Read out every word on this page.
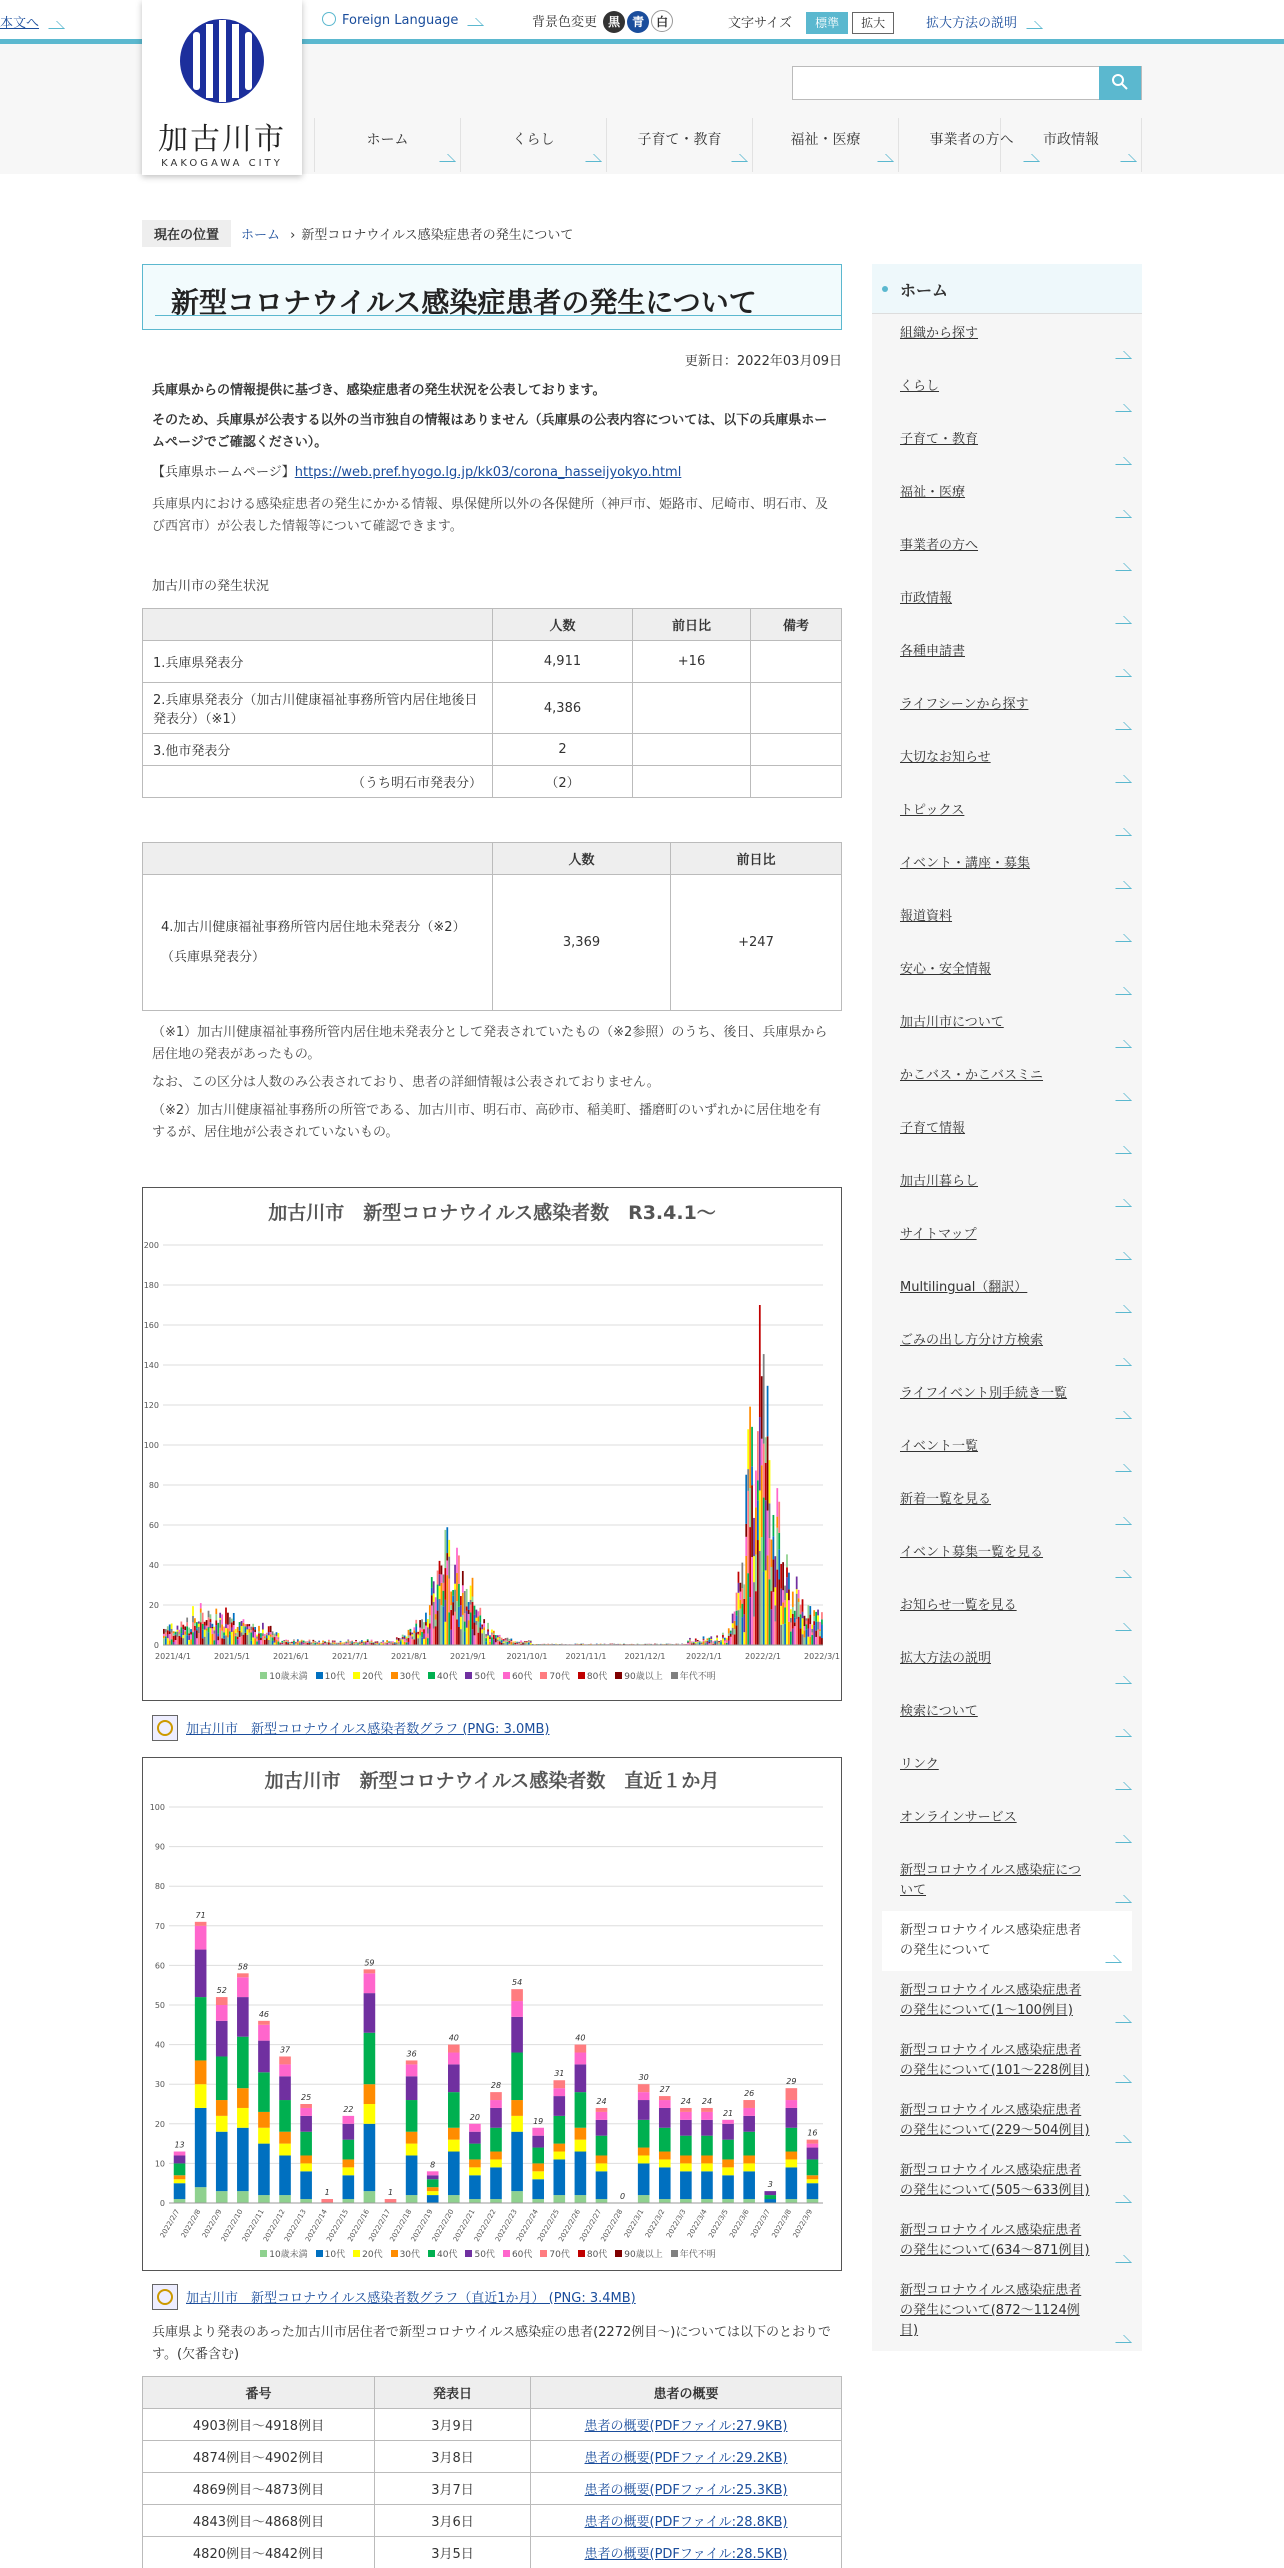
本文へ
加古川市
KAKOGAWA CITY
Foreign Language	背景色変更 黒 青 白	文字サイズ 標準 拡大	拡大方法の説明
ホーム	くらし	子育て・教育	福祉・医療	事業者の方へ	市政情報
現在の位置 ホーム › 新型コロナウイルス感染症患者の発生について
新型コロナウイルス感染症患者の発生について
更新日：2022年03月09日
兵庫県からの情報提供に基づき、感染症患者の発生状況を公表しております。
そのため、兵庫県が公表する以外の当市独自の情報はありません（兵庫県の公表内容については、以下の兵庫県ホームページでご確認ください）。
【兵庫県ホームページ】https://web.pref.hyogo.lg.jp/kk03/corona_hasseijyokyo.html
兵庫県内における感染症患者の発生にかかる情報、県保健所以外の各保健所（神戸市、姫路市、尼崎市、明石市、及び西宮市）が公表した情報等について確認できます。
加古川市の発生状況
	人数	前日比	備考
1.兵庫県発表分	4,911	+16	
2.兵庫県発表分（加古川健康福祉事務所管内居住地後日発表分）（※1）	4,386		
3.他市発表分	2		
（うち明石市発表分）	（2）		
	人数	前日比

4.加古川健康福祉事務所管内居住地未発表分（※2）
（兵庫県発表分）	3,369	+247
（※1）加古川健康福祉事務所管内居住地未発表分として発表されていたもの（※2参照）のうち、後日、兵庫県から居住地の発表があったもの。
なお、この区分は人数のみ公表されており、患者の詳細情報は公表されておりません。
（※2）加古川健康福祉事務所の所管である、加古川市、明石市、高砂市、稲美町、播磨町のいずれかに居住地を有するが、居住地が公表されていないもの。
加古川市　新型コロナウイルス感染者数　R3.4.1～
0
20
40
60
80
100
120
140
160
180
200
2021/4/1	2021/5/1	2021/6/1	2021/7/1	2021/8/1	2021/9/1	2021/10/1 2021/11/1 2021/12/1	2022/1/1	2022/2/1	2022/3/1
10歳未満 10代 20代 30代 40代 50代 60代 70代 80代 90歳以上 年代不明
加古川市　新型コロナウイルス感染者数グラフ (PNG: 3.0MB)
加古川市　新型コロナウイルス感染者数　直近１か月
0
10
20
30
40
50
60
70
80
90
100
13
2022/2/7
71
2022/2/8
52
2022/2/9
58
2022/2/10
46
2022/2/11
37
2022/2/12
25
2022/2/13
1
2022/2/14
22
2022/2/15
59
2022/2/16
1
2022/2/17
36
2022/2/18
8
2022/2/19
40
2022/2/20
20
2022/2/21
28
2022/2/22
54
2022/2/23
19
2022/2/24
31
2022/2/25
40
2022/2/26
24
2022/2/27
0
2022/2/28
30
2022/3/1
27
2022/3/2
24
2022/3/3
24
2022/3/4
21
2022/3/5
26
2022/3/6
3
2022/3/7
29
2022/3/8
16
2022/3/9
10歳未満 10代 20代 30代 40代 50代 60代 70代 80代 90歳以上 年代不明
加古川市　新型コロナウイルス感染者数グラフ（直近1か月） (PNG: 3.4MB)
兵庫県より発表のあった加古川市居住者で新型コロナウイルス感染症の患者(2272例目～)については以下のとおりです。(欠番含む)
番号	発表日	患者の概要
4903例目～4918例目	3月9日	患者の概要(PDFファイル:27.9KB)
4874例目～4902例目	3月8日	患者の概要(PDFファイル:29.2KB)
4869例目～4873例目	3月7日	患者の概要(PDFファイル:25.3KB)
4843例目～4868例目	3月6日	患者の概要(PDFファイル:28.8KB)
4820例目～4842例目	3月5日	患者の概要(PDFファイル:28.5KB)
ホーム
組織から探す
くらし
子育て・教育
福祉・医療
事業者の方へ
市政情報
各種申請書
ライフシーンから探す
大切なお知らせ
トピックス
イベント・講座・募集
報道資料
安心・安全情報
加古川市について
かこバス・かこバスミニ
子育て情報
加古川暮らし
サイトマップ
Multilingual（翻訳）
ごみの出し方分け方検索
ライフイベント別手続き一覧
イベント一覧
新着一覧を見る
イベント募集一覧を見る
お知らせ一覧を見る
拡大方法の説明
検索について
リンク
オンラインサービス
新型コロナウイルス感染症について
新型コロナウイルス感染症患者の発生について
新型コロナウイルス感染症患者の発生について(1～100例目)
新型コロナウイルス感染症患者の発生について(101～228例目)
新型コロナウイルス感染症患者の発生について(229～504例目)
新型コロナウイルス感染症患者の発生について(505～633例目)
新型コロナウイルス感染症患者の発生について(634～871例目)
新型コロナウイルス感染症患者の発生について(872～1124例目)
